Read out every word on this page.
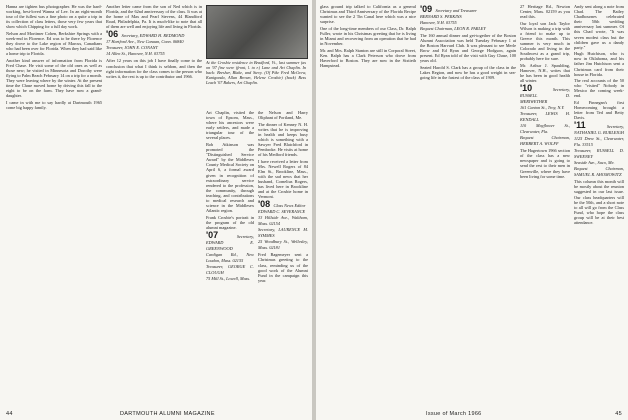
Hanna are tighten bus photographer. He was the hard-working, best-loved Wanna of Lee. In an eight-month tour of the fullest was a fine photo on a quite a trip in its collection of class letters, those very few years that show which Chipping for a full day work.

Nelson and Mortimer Cohen, Berkshire Springs with a week-end in Florence. Ed was to be there by Florence they drove to the Lake region of Marcus, Canadians who had been over for Florida. When they had said like a home trip to Florida.

Another kind answer of information from Florida is Fred Chase. He visit some of the old ones as well as those new; he visited in Minnesota and Dorothy were flying to Palm Beach February 14 on a trip for a month. They were leaving where by the winter. At the present time the Chase moved home by driving this fall to the eight to be on the farm. They have now a grand-daughter.

I came in with me to say hardly at Dartmouth 1965 come big happy family.

Another letter came from the son of Ned which is in Florida, and the 62nd anniversary of the class. It was at the home of Max and Pearl Stevens, 44 Blandford Road, Philadelphia, Pa. It is much-like to note that all of them are well and enjoying life and living in Florida.

'06 Secretary, EDWARD H. REDMOND
17 Hartford Ave., New Canaan, Conn. 06840
Treasurer, JOHN E. CONANT
14 Allen St., Hanover, N.H. 03755

After 12 years on this job I have finally come to the conclusion that what I think is seldom, and then the right information for the class comes to the person who writes it, the rest is up to the contributor and 1966.

At the Crosbie residence in Bradford, Vt., last summer (as on '07 fine were (front, l. to r.) Lane and Art Chaplin. In back: Bresher, Blake, and Stevy. (Of Pike Fred McGrew, Kunigonda, Allan Brown, Helene Crosbie) (back) Bess Leach '07 Bakers, Art Chaplin.

Art Chaplin, visited the town of Epsom, Mass., where his ancestors were early settlers, and made a triangular tour of the several places.

Bob Atkinson was promoted the "Distinguished Service Award" by the Middlesex County Medical Society on April 6, a formal award given in recognition of extraordinary service rendered to the profession, the community, through teaching, and contributions to medical research and science in the Middlesex Atlantic region.

Frank Crosbie's portrait in the program of the old alumni magazine.

'07	Secretary, EDWARD E. GREENWOOD
Cardigan Rd., New Loudon, Mass. 02155
Treasurer, GEORGE C. CLOUGH
75 Mill St., Lowell, Mass.

the Nelson and Harry Oliphant of Portland, Me.

The dinner of Kenney N. H. writes that he is improving in health and keeps busy which is something with a Sawyer Fred Blatchford in Pembroke. He visits at home of his Medford friends.

I have received a letter from Mrs. Newell Rogers of 84 Elm St., Brookline, Mass., with the sad news that her husband, Cornelius Rogers, has lived here in Brookline and at the Crosbie home in Vermont.

'08 Class News Editor
EDWARD C. SEVERANCE
33 Hillside Ave., Waltham, Mass. 02154
Secretary, LAURENCE M. SYMMES
25 Woodbury St., Wellesley, Mass. 02181

Fred Bagemeyer sent a Christmas greeting to the class, reminding us of the good work of the Alumni Fund in the campaign this year.

44	DARTMOUTH ALUMNI MAGAZINE

glass ground trip talked to California as a general Christmas and Third Anniversary of the Florida Recipe wanted to see the 2 Tin Canal here which was a nice surprise.

One of the long-time members of our Class, Dr. Ralph Fuller, wrote in his Christmas greeting that he is living in Miami and recovering from an operation that he had in November.

Mr. and Mrs. Ralph Stanton are still in Corporal Street, Ken. Ralph has a Clark Peterson who drove from Haverford to Boston. They are now in the Sixtieth Hampstead.

'09 Secretary and Treasurer
BERNARD S. PERKINS
Hanover, N.H. 03755
Bequest Chairman, LEON R. FARLEY

The 160 annual dinner and get-together of the Boston Alumni Association was held Tuesday February 1 at the Boston Harvard Club. It was pleasant to see Merle Brow and Ed Ryan and George Hodgson, again present. Ed Ryan told of the visit with Guy Chase, 100 years old.

Seated Harold S. Clark has a group of the class in the Lakes Region, and now be has a good weight in sea-going life in the fastest of the class of 1909.

27 Heritage Rd., Newton Center, Mass. 02159 as you read this.

Our loyal son Jack Taylor Wilson is making a trip with a friend to make up to Greece this month. This summer is very much in Colorado and living in the Southwest as a grand trip, probably here for sure.

Mr. Arthur J. Spaulding, Hanover, N.H., writes that he has been in good health all winter.

'10	Secretary, RUSSELL D. MERIWETHER
161 Canton St., Troy, N.Y.
Treasurer, LEWIS H. KENDALL
110 Mayflower St., Clearwater, Fla.
Bequest Chairman, HERBERT A. WOLFF

The Hagertown 1966 section of the class has a new newspaper and is going to send the rest to their men in Greenville, where they have been living for some time.

Andy sent along a note from Chad. The Bailey Chadbournes celebrated their 50th wedding anniversary last summer. Of this Chad wrote, "It was seven modest class but the children gave us a dandy party."

Hugh Hutchison, who is now in Oklahoma, and his father Jim Hutchison sent a Christmas card from their house in Florida.

The real accounts of the 50 who "visited" Nobody in Mexico the coming week-end.

Ed Finnegan's first Homecoming brought a letter from Ted and Betty Davis.

'11	Secretary, NATHANIEL G. BURLEIGH
1125 Drew St., Clearwater, Fla. 33515
Treasurer, RUSSELL D. SWEENEY
Seaside Ave., Saco, Me.
Bequest Chairman, SAMUEL R. AHOMOWITZ

This column this month will be mostly about the reunion suggested in our last issue. Our class headquarters will be the 50th, and a short note to all will go from the Class Fund, who hope the class group will be at their best attendance.

Issue of March 1966	45
